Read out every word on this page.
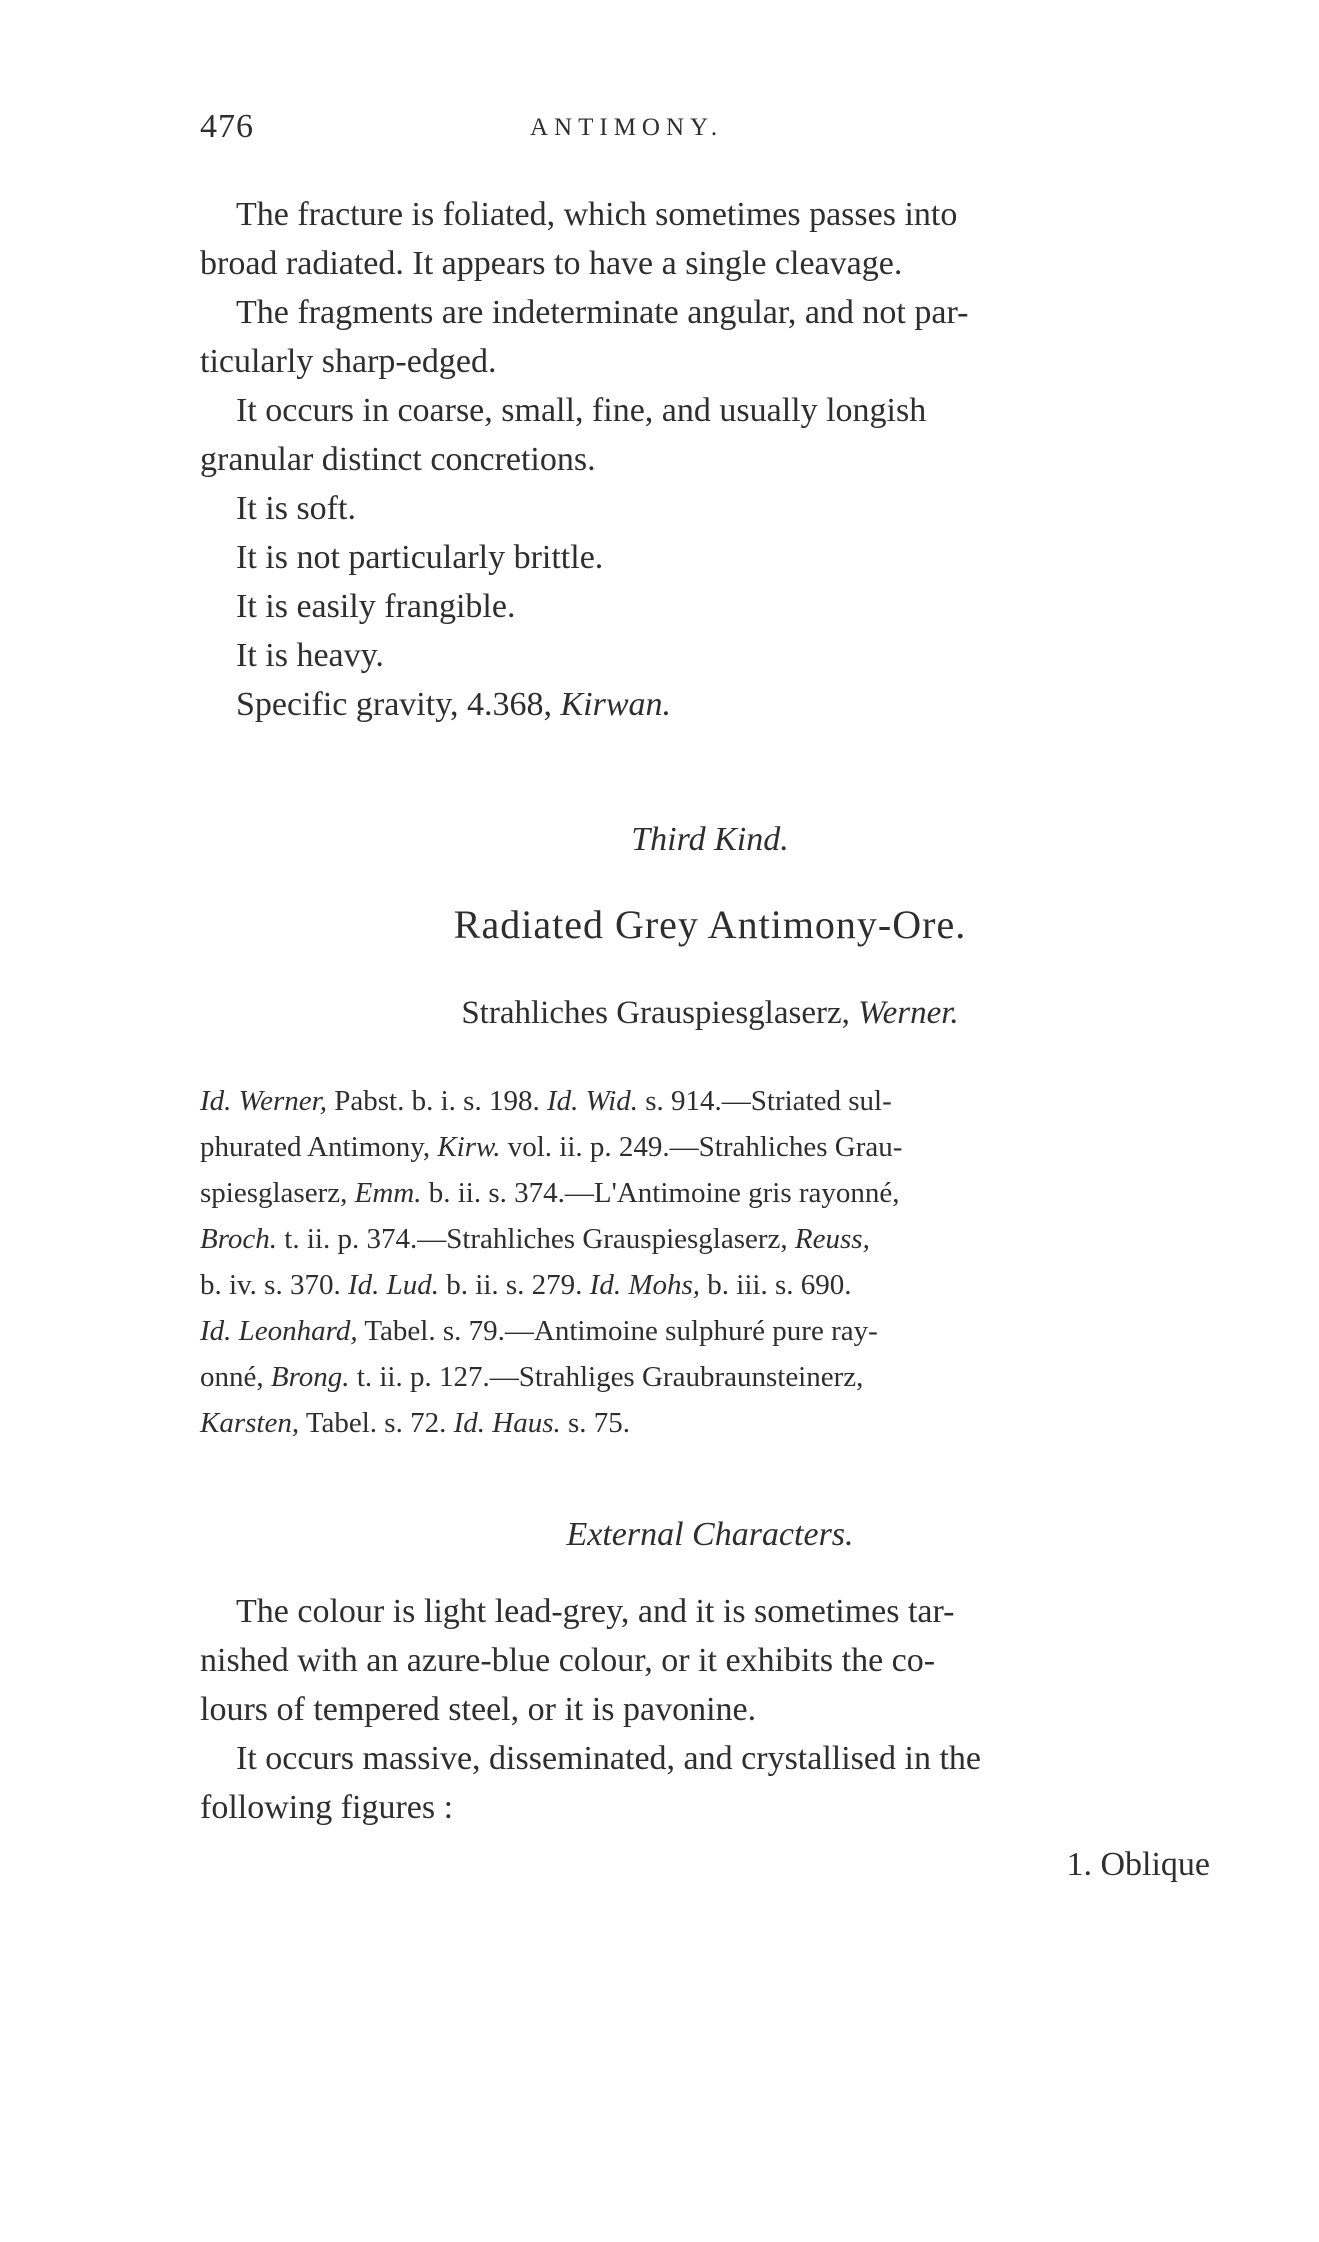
476	ANTIMONY.

The fracture is foliated, which sometimes passes into

broad radiated. It appears to have a single cleavage.

The fragments are indeterminate angular, and not par-

ticularly sharp-edged.

It occurs in coarse, small, fine, and usually longish

granular distinct concretions.

It is soft.

It is not particularly brittle.

It is easily frangible.

It is heavy.

Specific gravity, 4.368, Kirwan.

Third Kind.

Radiated Grey Antimony-Ore.

Strahliches Grauspiesglaserz, Werner.

Id. Werner, Pabst. b. i. s. 198. Id. Wid. s. 914.—Striated sul-
phurated Antimony, Kirw. vol. ii. p. 249.—Strahliches Grau-
spiesglaserz, Emm. b. ii. s. 374.—L'Antimoine gris rayonné,
Broch. t. ii. p. 374.—Strahliches Grauspiesglaserz, Reuss,
b. iv. s. 370. Id. Lud. b. ii. s. 279. Id. Mohs, b. iii. s. 690.
Id. Leonhard, Tabel. s. 79.—Antimoine sulphuré pure ray-
onné, Brong. t. ii. p. 127.—Strahliges Graubraunsteinerz,
Karsten, Tabel. s. 72. Id. Haus. s. 75.

External Characters.

The colour is light lead-grey, and it is sometimes tar-

nished with an azure-blue colour, or it exhibits the co-

lours of tempered steel, or it is pavonine.

It occurs massive, disseminated, and crystallised in the

following figures :

1. Oblique
